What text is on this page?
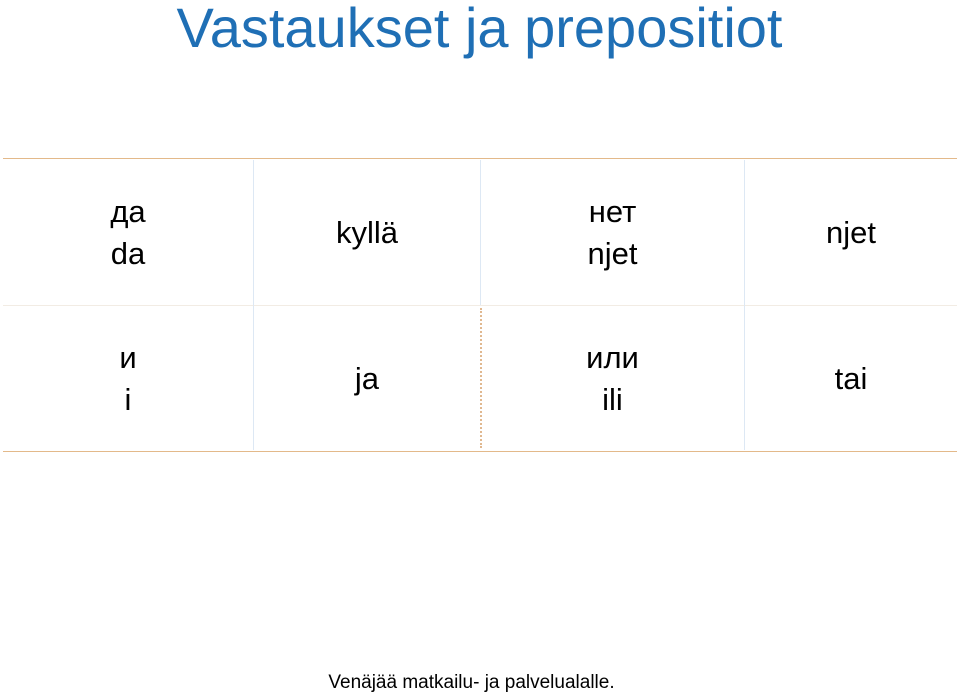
Vastaukset ja prepositiot
да
da
kyllä
нет
njet
njet
и
i
ja
или
ili
tai
Venäjää matkailu- ja palvelualalle.
